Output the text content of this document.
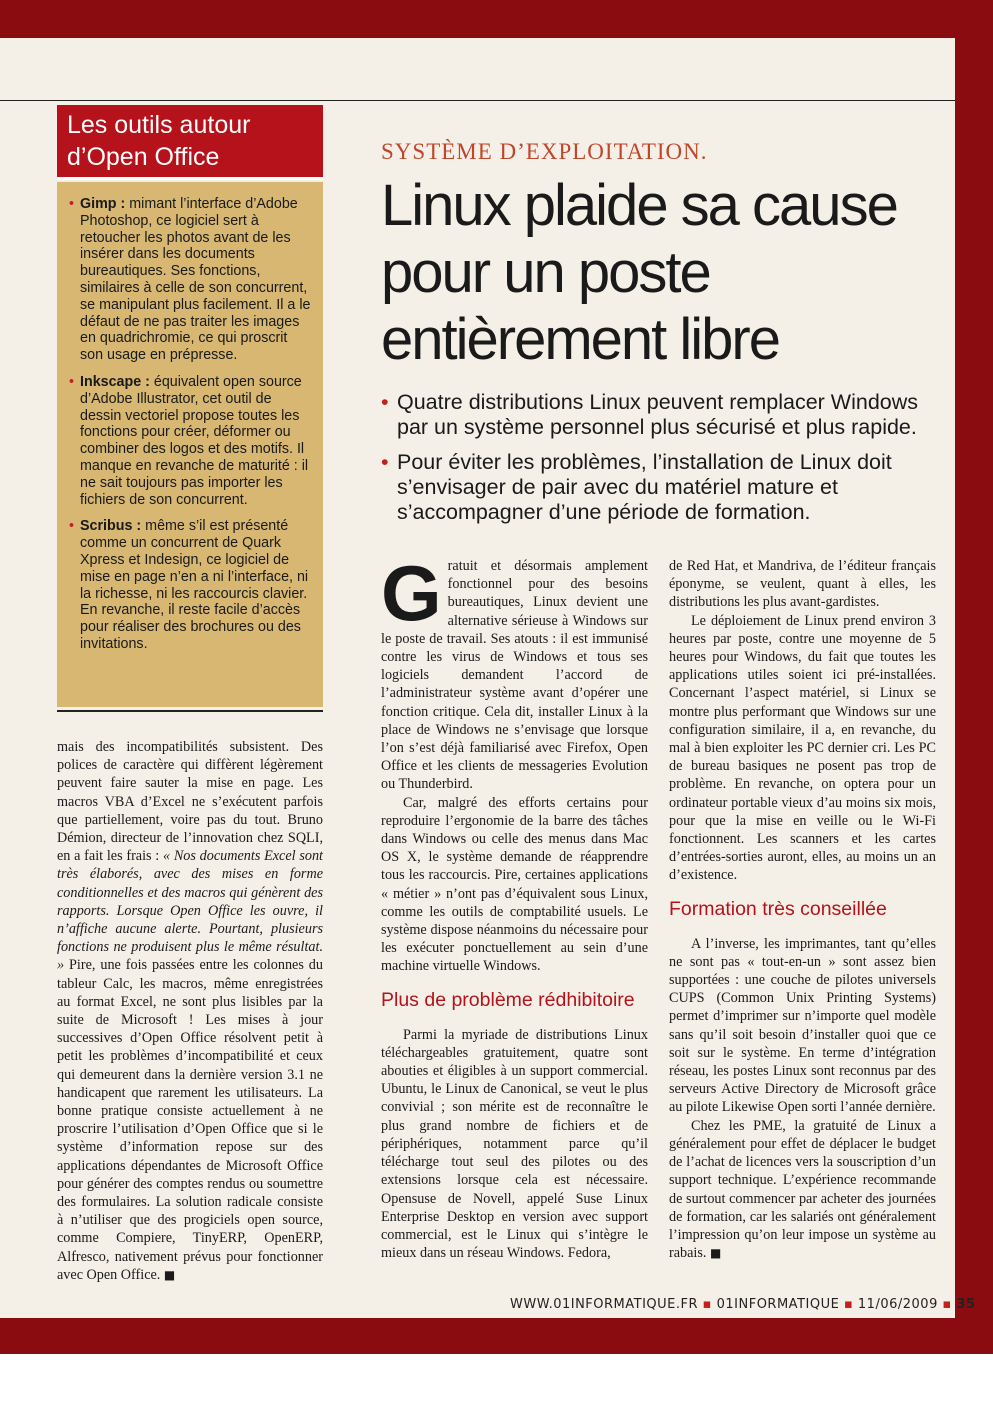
Les outils autour d’Open Office
• Gimp : mimant l’interface d’Adobe Photoshop, ce logiciel sert à retoucher les photos avant de les insérer dans les documents bureautiques. Ses fonctions, similaires à celle de son concurrent, se manipulant plus facilement. Il a le défaut de ne pas traiter les images en quadrichromie, ce qui proscrit son usage en prépresse.
• Inkscape : équivalent open source d’Adobe Illustrator, cet outil de dessin vectoriel propose toutes les fonctions pour créer, déformer ou combiner des logos et des motifs. Il manque en revanche de maturité : il ne sait toujours pas importer les fichiers de son concurrent.
• Scribus : même s’il est présenté comme un concurrent de Quark Xpress et Indesign, ce logiciel de mise en page n’en a ni l’interface, ni la richesse, ni les raccourcis clavier. En revanche, il reste facile d’accès pour réaliser des brochures ou des invitations.

mais des incompatibilités subsistent. Des polices de caractère qui diffèrent légèrement peuvent faire sauter la mise en page. Les macros VBA d’Excel ne s’exécutent parfois que partiellement, voire pas du tout. Bruno Démion, directeur de l’innovation chez SQLI, en a fait les frais : « Nos documents Excel sont très élaborés, avec des mises en forme conditionnelles et des macros qui génèrent des rapports. Lorsque Open Office les ouvre, il n’affiche aucune alerte. Pourtant, plusieurs fonctions ne produisent plus le même résultat. » Pire, une fois passées entre les colonnes du tableur Calc, les macros, même enregistrées au format Excel, ne sont plus lisibles par la suite de Microsoft ! Les mises à jour successives d’Open Office résolvent petit à petit les problèmes d’incompatibilité et ceux qui demeurent dans la dernière version 3.1 ne handicapent que rarement les utilisateurs. La bonne pratique consiste actuellement à ne proscrire l’utilisation d’Open Office que si le système d’information repose sur des applications dépendantes de Microsoft Office pour générer des comptes rendus ou soumettre des formulaires. La solution radicale consiste à n’utiliser que des progiciels open source, comme Compiere, TinyERP, OpenERP, Alfresco, nativement prévus pour fonctionner avec Open Office. ■

SYSTÈME D’EXPLOITATION.
Linux plaide sa cause pour un poste entièrement libre
• Quatre distributions Linux peuvent remplacer Windows par un système personnel plus sécurisé et plus rapide.
• Pour éviter les problèmes, l’installation de Linux doit s’envisager de pair avec du matériel mature et s’accompagner d’une période de formation.

Gratuit et désormais amplement fonctionnel pour des besoins bureautiques, Linux devient une alternative sérieuse à Windows sur le poste de travail. Ses atouts : il est immunisé contre les virus de Windows et tous ses logiciels demandent l’accord de l’administrateur système avant d’opérer une fonction critique. Cela dit, installer Linux à la place de Windows ne s’envisage que lorsque l’on s’est déjà familiarisé avec Firefox, Open Office et les clients de messageries Evolution ou Thunderbird.

Car, malgré des efforts certains pour reproduire l’ergonomie de la barre des tâches dans Windows ou celle des menus dans Mac OS X, le système demande de réapprendre tous les raccourcis. Pire, certaines applications « métier » n’ont pas d’équivalent sous Linux, comme les outils de comptabilité usuels. Le système dispose néanmoins du nécessaire pour les exécuter ponctuellement au sein d’une machine virtuelle Windows.

Plus de problème rédhibitoire

Parmi la myriade de distributions Linux téléchargeables gratuitement, quatre sont abouties et éligibles à un support commercial. Ubuntu, le Linux de Canonical, se veut le plus convivial ; son mérite est de reconnaître le plus grand nombre de fichiers et de périphériques, notamment parce qu’il télécharge tout seul des pilotes ou des extensions lorsque cela est nécessaire. Opensuse de Novell, appelé Suse Linux Enterprise Desktop en version avec support commercial, est le Linux qui s’intègre le mieux dans un réseau Windows. Fedora,

de Red Hat, et Mandriva, de l’éditeur français éponyme, se veulent, quant à elles, les distributions les plus avant-gardistes.

Le déploiement de Linux prend environ 3 heures par poste, contre une moyenne de 5 heures pour Windows, du fait que toutes les applications utiles soient ici pré-installées. Concernant l’aspect matériel, si Linux se montre plus performant que Windows sur une configuration similaire, il a, en revanche, du mal à bien exploiter les PC dernier cri. Les PC de bureau basiques ne posent pas trop de problème. En revanche, on optera pour un ordinateur portable vieux d’au moins six mois, pour que la mise en veille ou le Wi-Fi fonctionnent. Les scanners et les cartes d’entrées-sorties auront, elles, au moins un an d’existence.

Formation très conseillée

A l’inverse, les imprimantes, tant qu’elles ne sont pas « tout-en-un » sont assez bien supportées : une couche de pilotes universels CUPS (Common Unix Printing Systems) permet d’imprimer sur n’importe quel modèle sans qu’il soit besoin d’installer quoi que ce soit sur le système. En terme d’intégration réseau, les postes Linux sont reconnus par des serveurs Active Directory de Microsoft grâce au pilote Likewise Open sorti l’année dernière.

Chez les PME, la gratuité de Linux a généralement pour effet de déplacer le budget de l’achat de licences vers la souscription d’un support technique. L’expérience recommande de surtout commencer par acheter des journées de formation, car les salariés ont généralement l’impression qu’on leur impose un système au rabais. ■

WWW.01INFORMATIQUE.FR ▪ 01INFORMATIQUE ▪ 11/06/2009 ▪ 35
